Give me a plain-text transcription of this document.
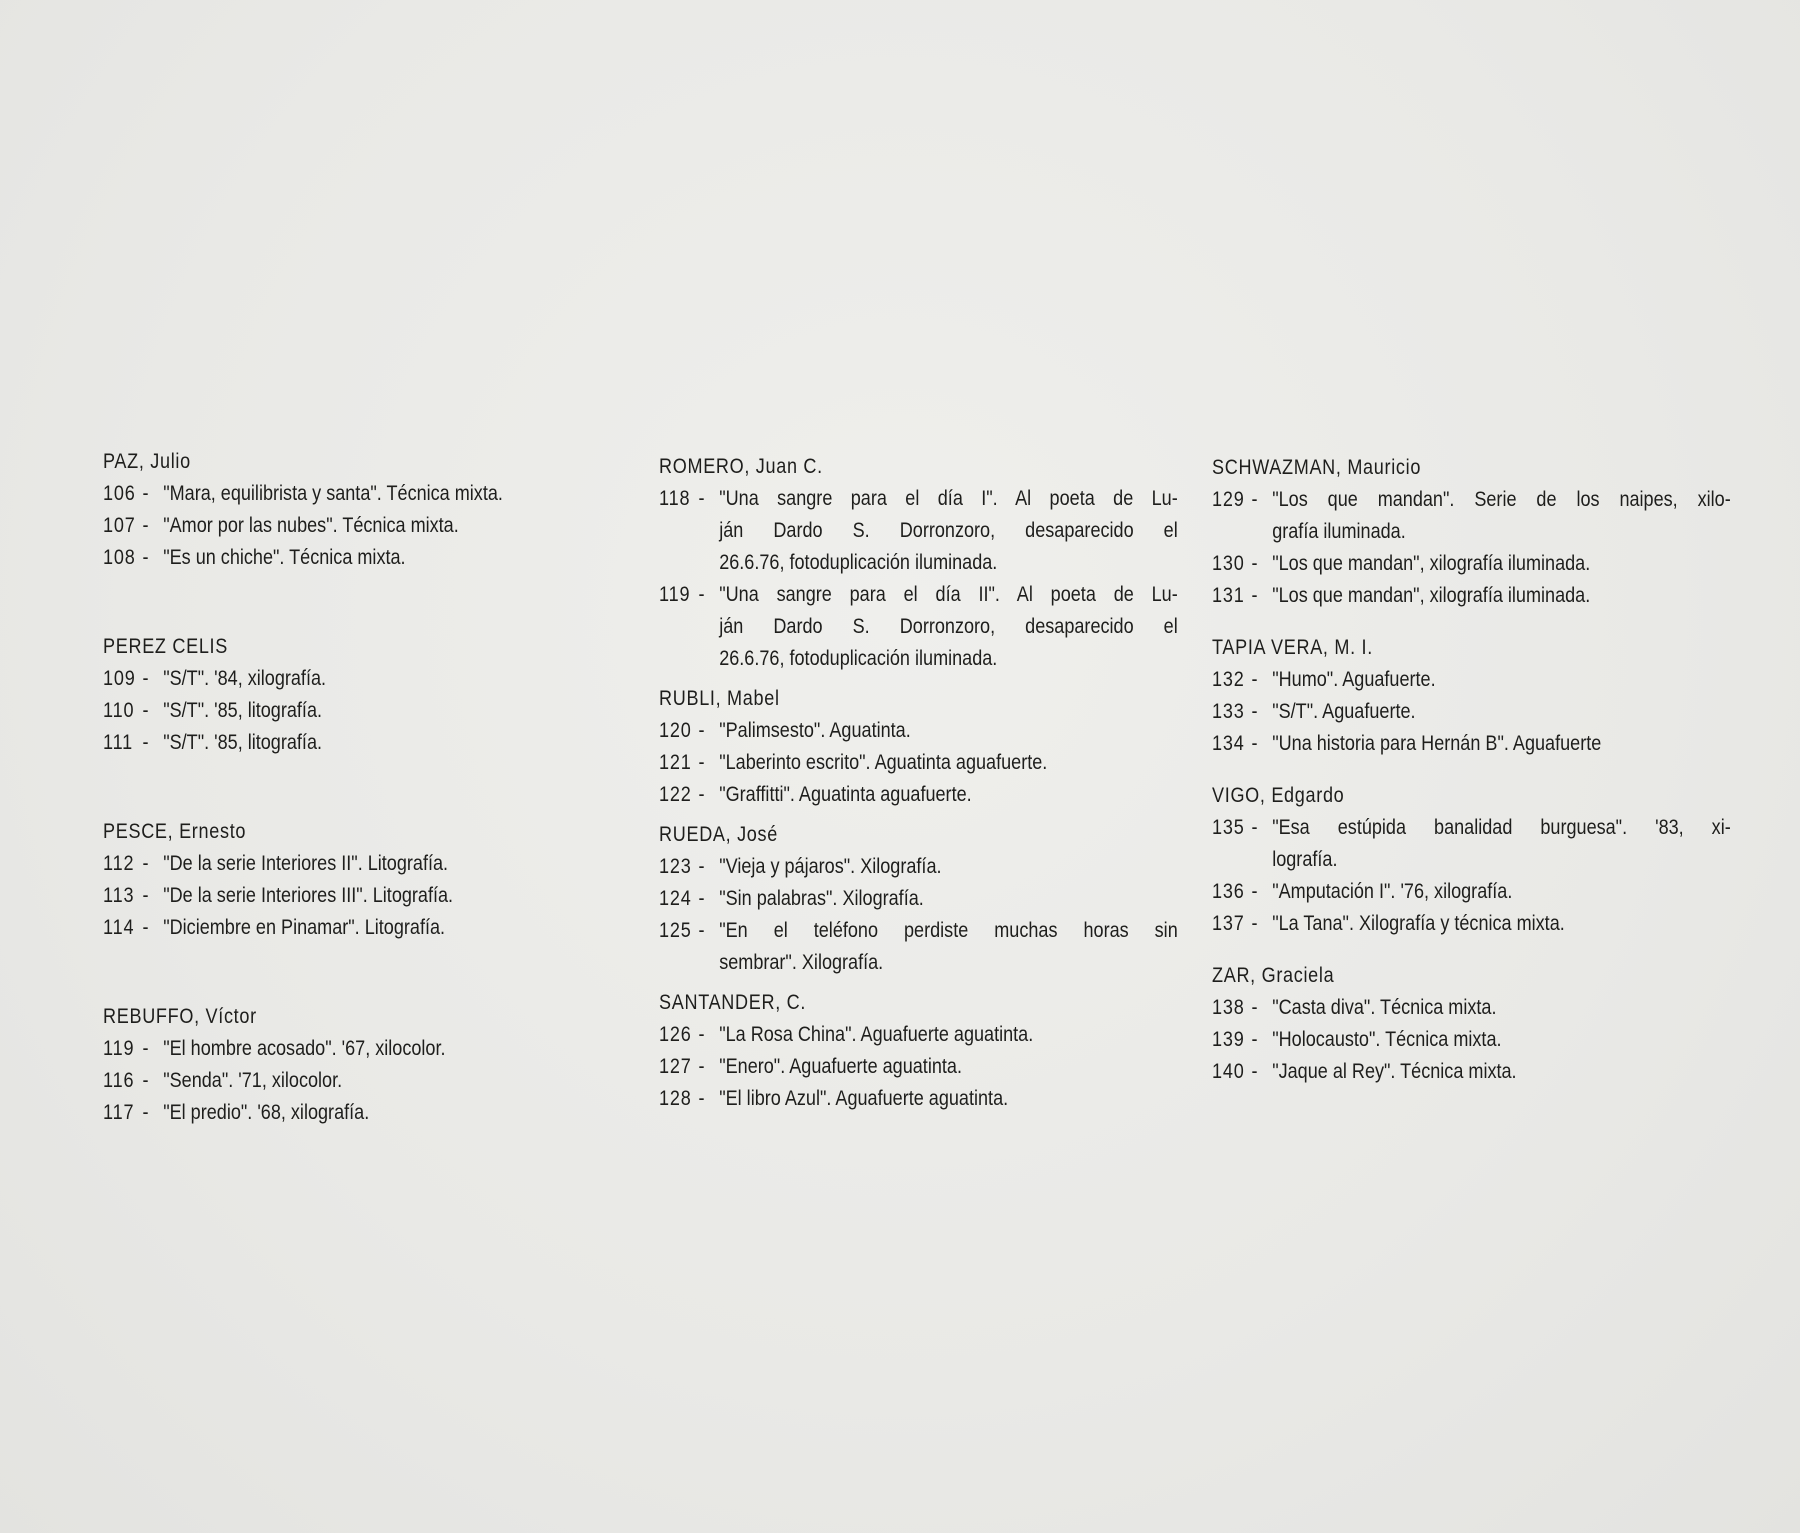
PAZ, Julio
106 - "Mara, equilibrista y santa". Técnica mixta.
107 - "Amor por las nubes". Técnica mixta.
108 - "Es un chiche". Técnica mixta.
PEREZ CELIS
109 - "S/T". '84, xilografía.
110 - "S/T". '85, litografía.
111 - "S/T". '85, litografía.
PESCE, Ernesto
112 - "De la serie Interiores II". Litografía.
113 - "De la serie Interiores III". Litografía.
114 - "Diciembre en Pinamar". Litografía.
REBUFFO, Víctor
119 - "El hombre acosado". '67, xilocolor.
116 - "Senda". '71, xilocolor.
117 - "El predio". '68, xilografía.
ROMERO, Juan C.
118 - "Una sangre para el día I". Al poeta de Lu-
ján Dardo S. Dorronzoro, desaparecido el
26.6.76, fotoduplicación iluminada.
119 - "Una sangre para el día II". Al poeta de Lu-
ján Dardo S. Dorronzoro, desaparecido el
26.6.76, fotoduplicación iluminada.
RUBLI, Mabel
120 - "Palimsesto". Aguatinta.
121 - "Laberinto escrito". Aguatinta aguafuerte.
122 - "Graffitti". Aguatinta aguafuerte.
RUEDA, José
123 - "Vieja y pájaros". Xilografía.
124 - "Sin palabras". Xilografía.
125 - "En el teléfono perdiste muchas horas sin
sembrar". Xilografía.
SANTANDER, C.
126 - "La Rosa China". Aguafuerte aguatinta.
127 - "Enero". Aguafuerte aguatinta.
128 - "El libro Azul". Aguafuerte aguatinta.
SCHWAZMAN, Mauricio
129 - "Los que mandan". Serie de los naipes, xilo-
grafía iluminada.
130 - "Los que mandan", xilografía iluminada.
131 - "Los que mandan", xilografía iluminada.
TAPIA VERA, M. I.
132 - "Humo". Aguafuerte.
133 - "S/T". Aguafuerte.
134 - "Una historia para Hernán B". Aguafuerte
VIGO, Edgardo
135 - "Esa estúpida banalidad burguesa". '83, xi-
lografía.
136 - "Amputación I". '76, xilografía.
137 - "La Tana". Xilografía y técnica mixta.
ZAR, Graciela
138 - "Casta diva". Técnica mixta.
139 - "Holocausto". Técnica mixta.
140 - "Jaque al Rey". Técnica mixta.
